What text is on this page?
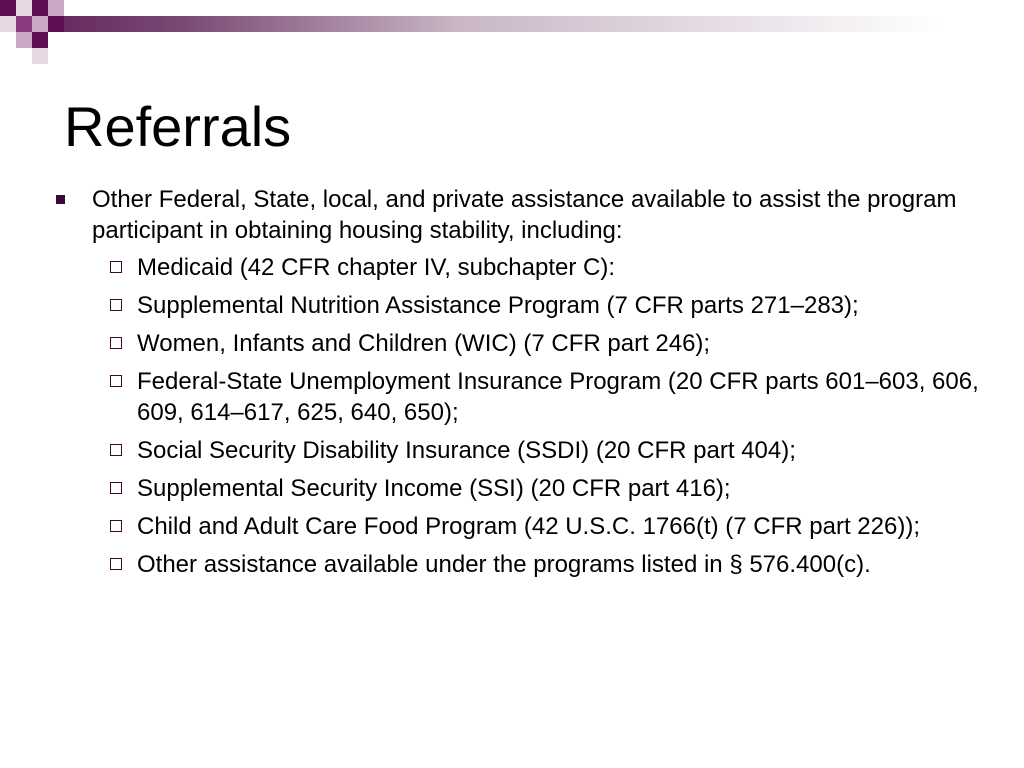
Referrals
Other Federal, State, local, and private assistance available to assist the program participant in obtaining housing stability, including:
Medicaid (42 CFR chapter IV, subchapter C):
Supplemental Nutrition Assistance Program (7 CFR parts 271–283);
Women, Infants and Children (WIC) (7 CFR part 246);
Federal-State Unemployment Insurance Program (20 CFR parts 601–603, 606, 609, 614–617, 625, 640, 650);
Social Security Disability Insurance (SSDI) (20 CFR part 404);
Supplemental Security Income (SSI) (20 CFR part 416);
Child and Adult Care Food Program (42 U.S.C. 1766(t) (7 CFR part 226));
Other assistance available under the programs listed in § 576.400(c).
